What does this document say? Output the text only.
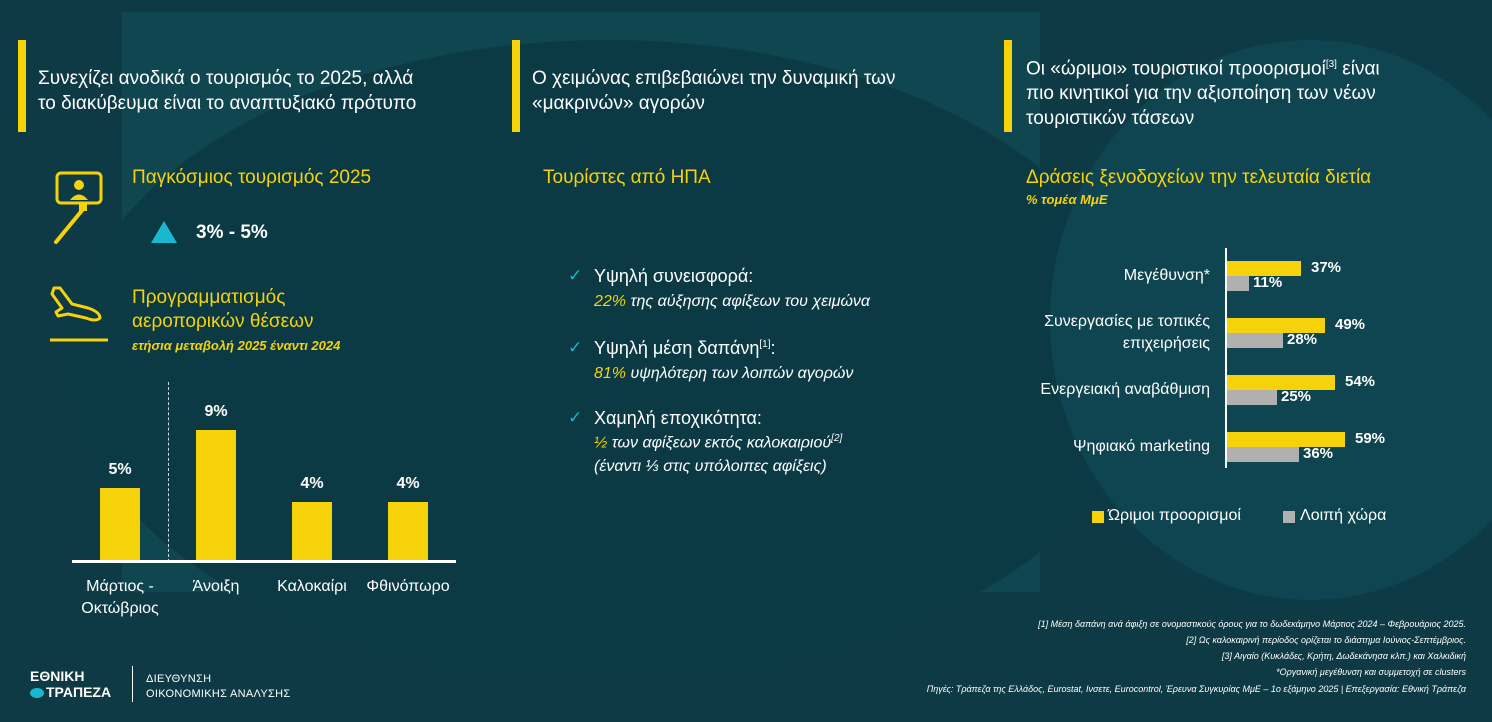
Συνεχίζει ανοδικά ο τουρισμός το 2025, αλλά
το διακύβευμα είναι το αναπτυξιακό πρότυπο
Ο χειμώνας επιβεβαιώνει την δυναμική των
«μακρινών» αγορών
Οι «ώριμοι» τουριστικοί προορισμοί[3] είναι
πιο κινητικοί για την αξιοποίηση των νέων
τουριστικών τάσεων
Παγκόσμιος τουρισμός 2025
3% - 5%
Προγραμματισμός
αεροπορικών θέσεων
ετήσια μεταβολή 2025 έναντι 2024
5%
Μάρτιος -
Οκτώβριος
9%
Άνοιξη
4%
Καλοκαίρι
4%
Φθινόπωρο
Τουρίστες από ΗΠΑ
✓ Υψηλή συνεισφορά:
22% της αύξησης αφίξεων του χειμώνα
✓ Υψηλή μέση δαπάνη[1]:
81% υψηλότερη των λοιπών αγορών
✓ Χαμηλή εποχικότητα:
½ των αφίξεων εκτός καλοκαιριού[2]
(έναντι ⅓ στις υπόλοιπες αφίξεις)
Δράσεις ξενοδοχείων την τελευταία διετία
% τομέα ΜμΕ
37%
11%
49%
28%
54%
25%
59%
36%
Ώριμοι προορισμοί	Λοιπή χώρα
[1] Μέση δαπάνη ανά άφιξη σε ονομαστικούς όρους για το δωδεκάμηνο Μάρτιος 2024 – Φεβρουάριος 2025.
[2] Ως καλοκαιρινή περίοδος ορίζεται το διάστημα Ιούνιος-Σεπτέμβριος.
[3] Αιγαίο (Κυκλάδες, Κρήτη, Δωδεκάνησα κλπ.) και Χαλκιδική
*Οργανική μεγέθυνση και συμμετοχή σε clusters
Πηγές: Τράπεζα της Ελλάδος, Eurostat, Ινσετε, Eurocontrol, Έρευνα Συγκυρίας ΜμΕ – 1ο εξάμηνο 2025 | Επεξεργασία: Εθνική Τράπεζα
ΕΘΝΙΚΗ
ΤΡΑΠΕΖΑ
ΔΙΕΥΘΥΝΣΗ
ΟΙΚΟΝΟΜΙΚΗΣ ΑΝΑΛΥΣΗΣ
Μεγέθυνση*
Συνεργασίες με τοπικές
επιχειρήσεις
Ενεργειακή αναβάθμιση
Ψηφιακό marketing
